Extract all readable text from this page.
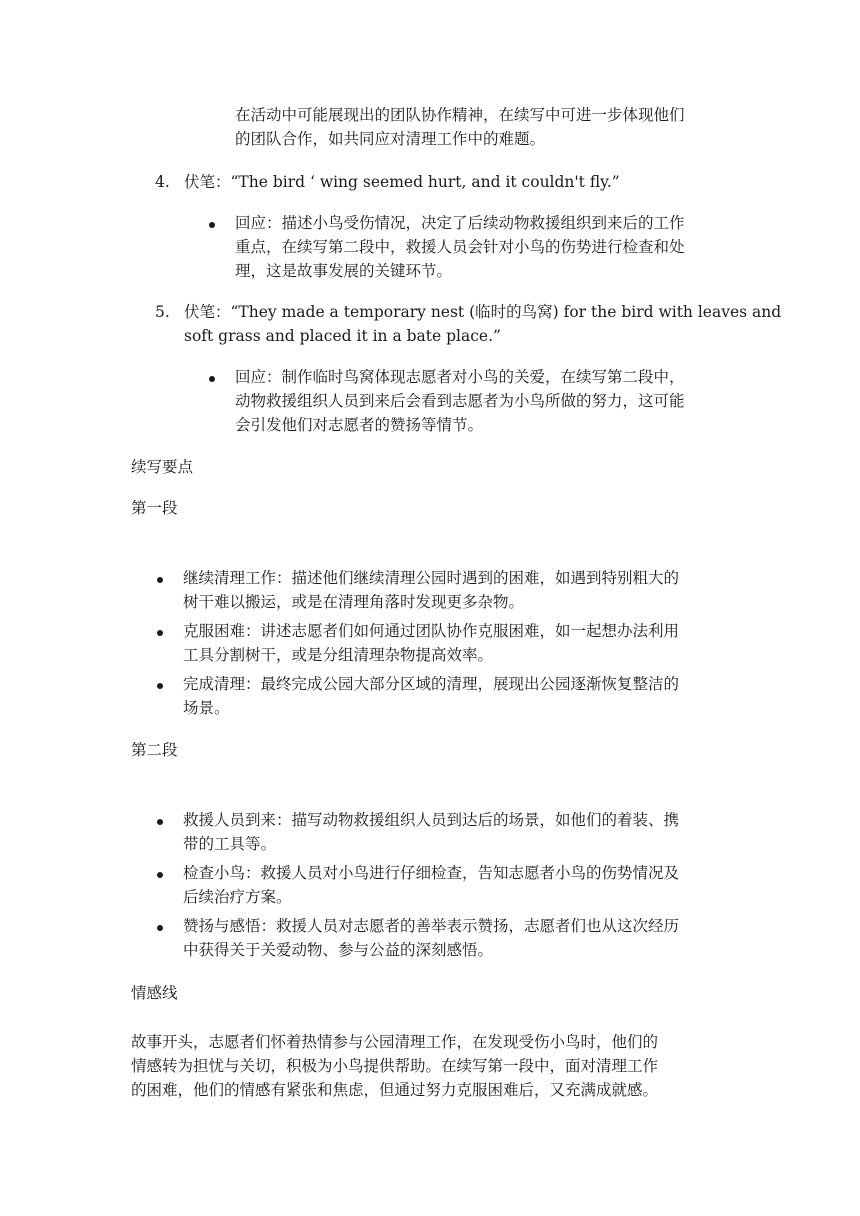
在活动中可能展现出的团队协作精神，在续写中可进一步体现他们
的团队合作，如共同应对清理工作中的难题。
4. 伏笔：“The bird ‘ wing seemed hurt, and it couldn't fly.”
回应：描述小鸟受伤情况，决定了后续动物救援组织到来后的工作
重点，在续写第二段中，救援人员会针对小鸟的伤势进行检查和处
理，这是故事发展的关键环节。
5. 伏笔：“They made a temporary nest (临时的鸟窝) for the bird with leaves and
soft grass and placed it in a bate place.”
回应：制作临时鸟窝体现志愿者对小鸟的关爱，在续写第二段中，
动物救援组织人员到来后会看到志愿者为小鸟所做的努力，这可能
会引发他们对志愿者的赞扬等情节。
续写要点
第一段
继续清理工作：描述他们继续清理公园时遇到的困难，如遇到特别粗大的
树干难以搬运，或是在清理角落时发现更多杂物。
克服困难：讲述志愿者们如何通过团队协作克服困难，如一起想办法利用
工具分割树干，或是分组清理杂物提高效率。
完成清理：最终完成公园大部分区域的清理，展现出公园逐渐恢复整洁的
场景。
第二段
救援人员到来：描写动物救援组织人员到达后的场景，如他们的着装、携
带的工具等。
检查小鸟：救援人员对小鸟进行仔细检查，告知志愿者小鸟的伤势情况及
后续治疗方案。
赞扬与感悟：救援人员对志愿者的善举表示赞扬，志愿者们也从这次经历
中获得关于关爱动物、参与公益的深刻感悟。
情感线
故事开头，志愿者们怀着热情参与公园清理工作，在发现受伤小鸟时，他们的
情感转为担忧与关切，积极为小鸟提供帮助。在续写第一段中，面对清理工作
的困难，他们的情感有紧张和焦虑，但通过努力克服困难后，又充满成就感。
